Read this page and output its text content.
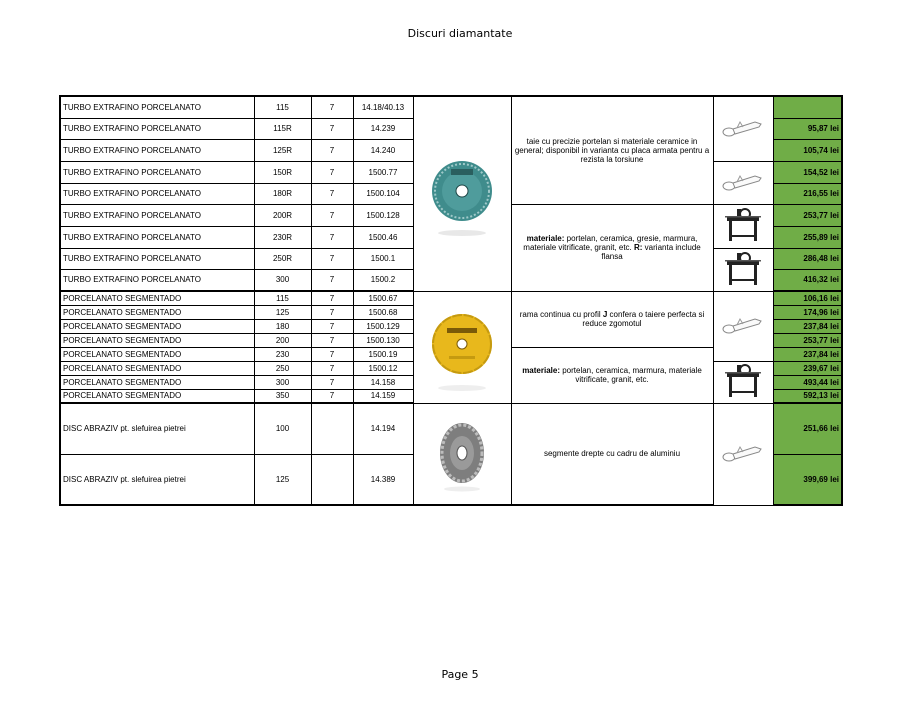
Discuri diamantate
TURBO EXTRAFINO PORCELANATO	115	7	14.18/40.13		taie cu precizie portelan si materiale ceramice in general; disponibil in varianta cu placa armata pentru a rezista la torsiune		
TURBO EXTRAFINO PORCELANATO	115R	7	14.239				95,87 lei
TURBO EXTRAFINO PORCELANATO	125R	7	14.240				105,74 lei
TURBO EXTRAFINO PORCELANATO	150R	7	1500.77				154,52 lei
TURBO EXTRAFINO PORCELANATO	180R	7	1500.104				216,55 lei
TURBO EXTRAFINO PORCELANATO	200R	7	1500.128		materiale: portelan, ceramica, gresie, marmura, materiale vitrificate, granit, etc. R: varianta include flansa		253,77 lei
TURBO EXTRAFINO PORCELANATO	230R	7	1500.46				255,89 lei
TURBO EXTRAFINO PORCELANATO	250R	7	1500.1				286,48 lei
TURBO EXTRAFINO PORCELANATO	300	7	1500.2				416,32 lei
PORCELANATO SEGMENTADO	115	7	1500.67		rama continua cu profil J confera o taiere perfecta si reduce zgomotul		106,16 lei
PORCELANATO SEGMENTADO	125	7	1500.68				174,96 lei
PORCELANATO SEGMENTADO	180	7	1500.129				237,84 lei
PORCELANATO SEGMENTADO	200	7	1500.130				253,77 lei
PORCELANATO SEGMENTADO	230	7	1500.19		materiale: portelan, ceramica, marmura, materiale vitrificate, granit, etc.		237,84 lei
PORCELANATO SEGMENTADO	250	7	1500.12				239,67 lei
PORCELANATO SEGMENTADO	300	7	14.158				493,44 lei
PORCELANATO SEGMENTADO	350	7	14.159				592,13 lei
DISC ABRAZIV pt. slefuirea pietrei	100		14.194		segmente drepte cu cadru de aluminiu		251,66 lei
DISC ABRAZIV pt. slefuirea pietrei	125		14.389				399,69 lei
Page 5
